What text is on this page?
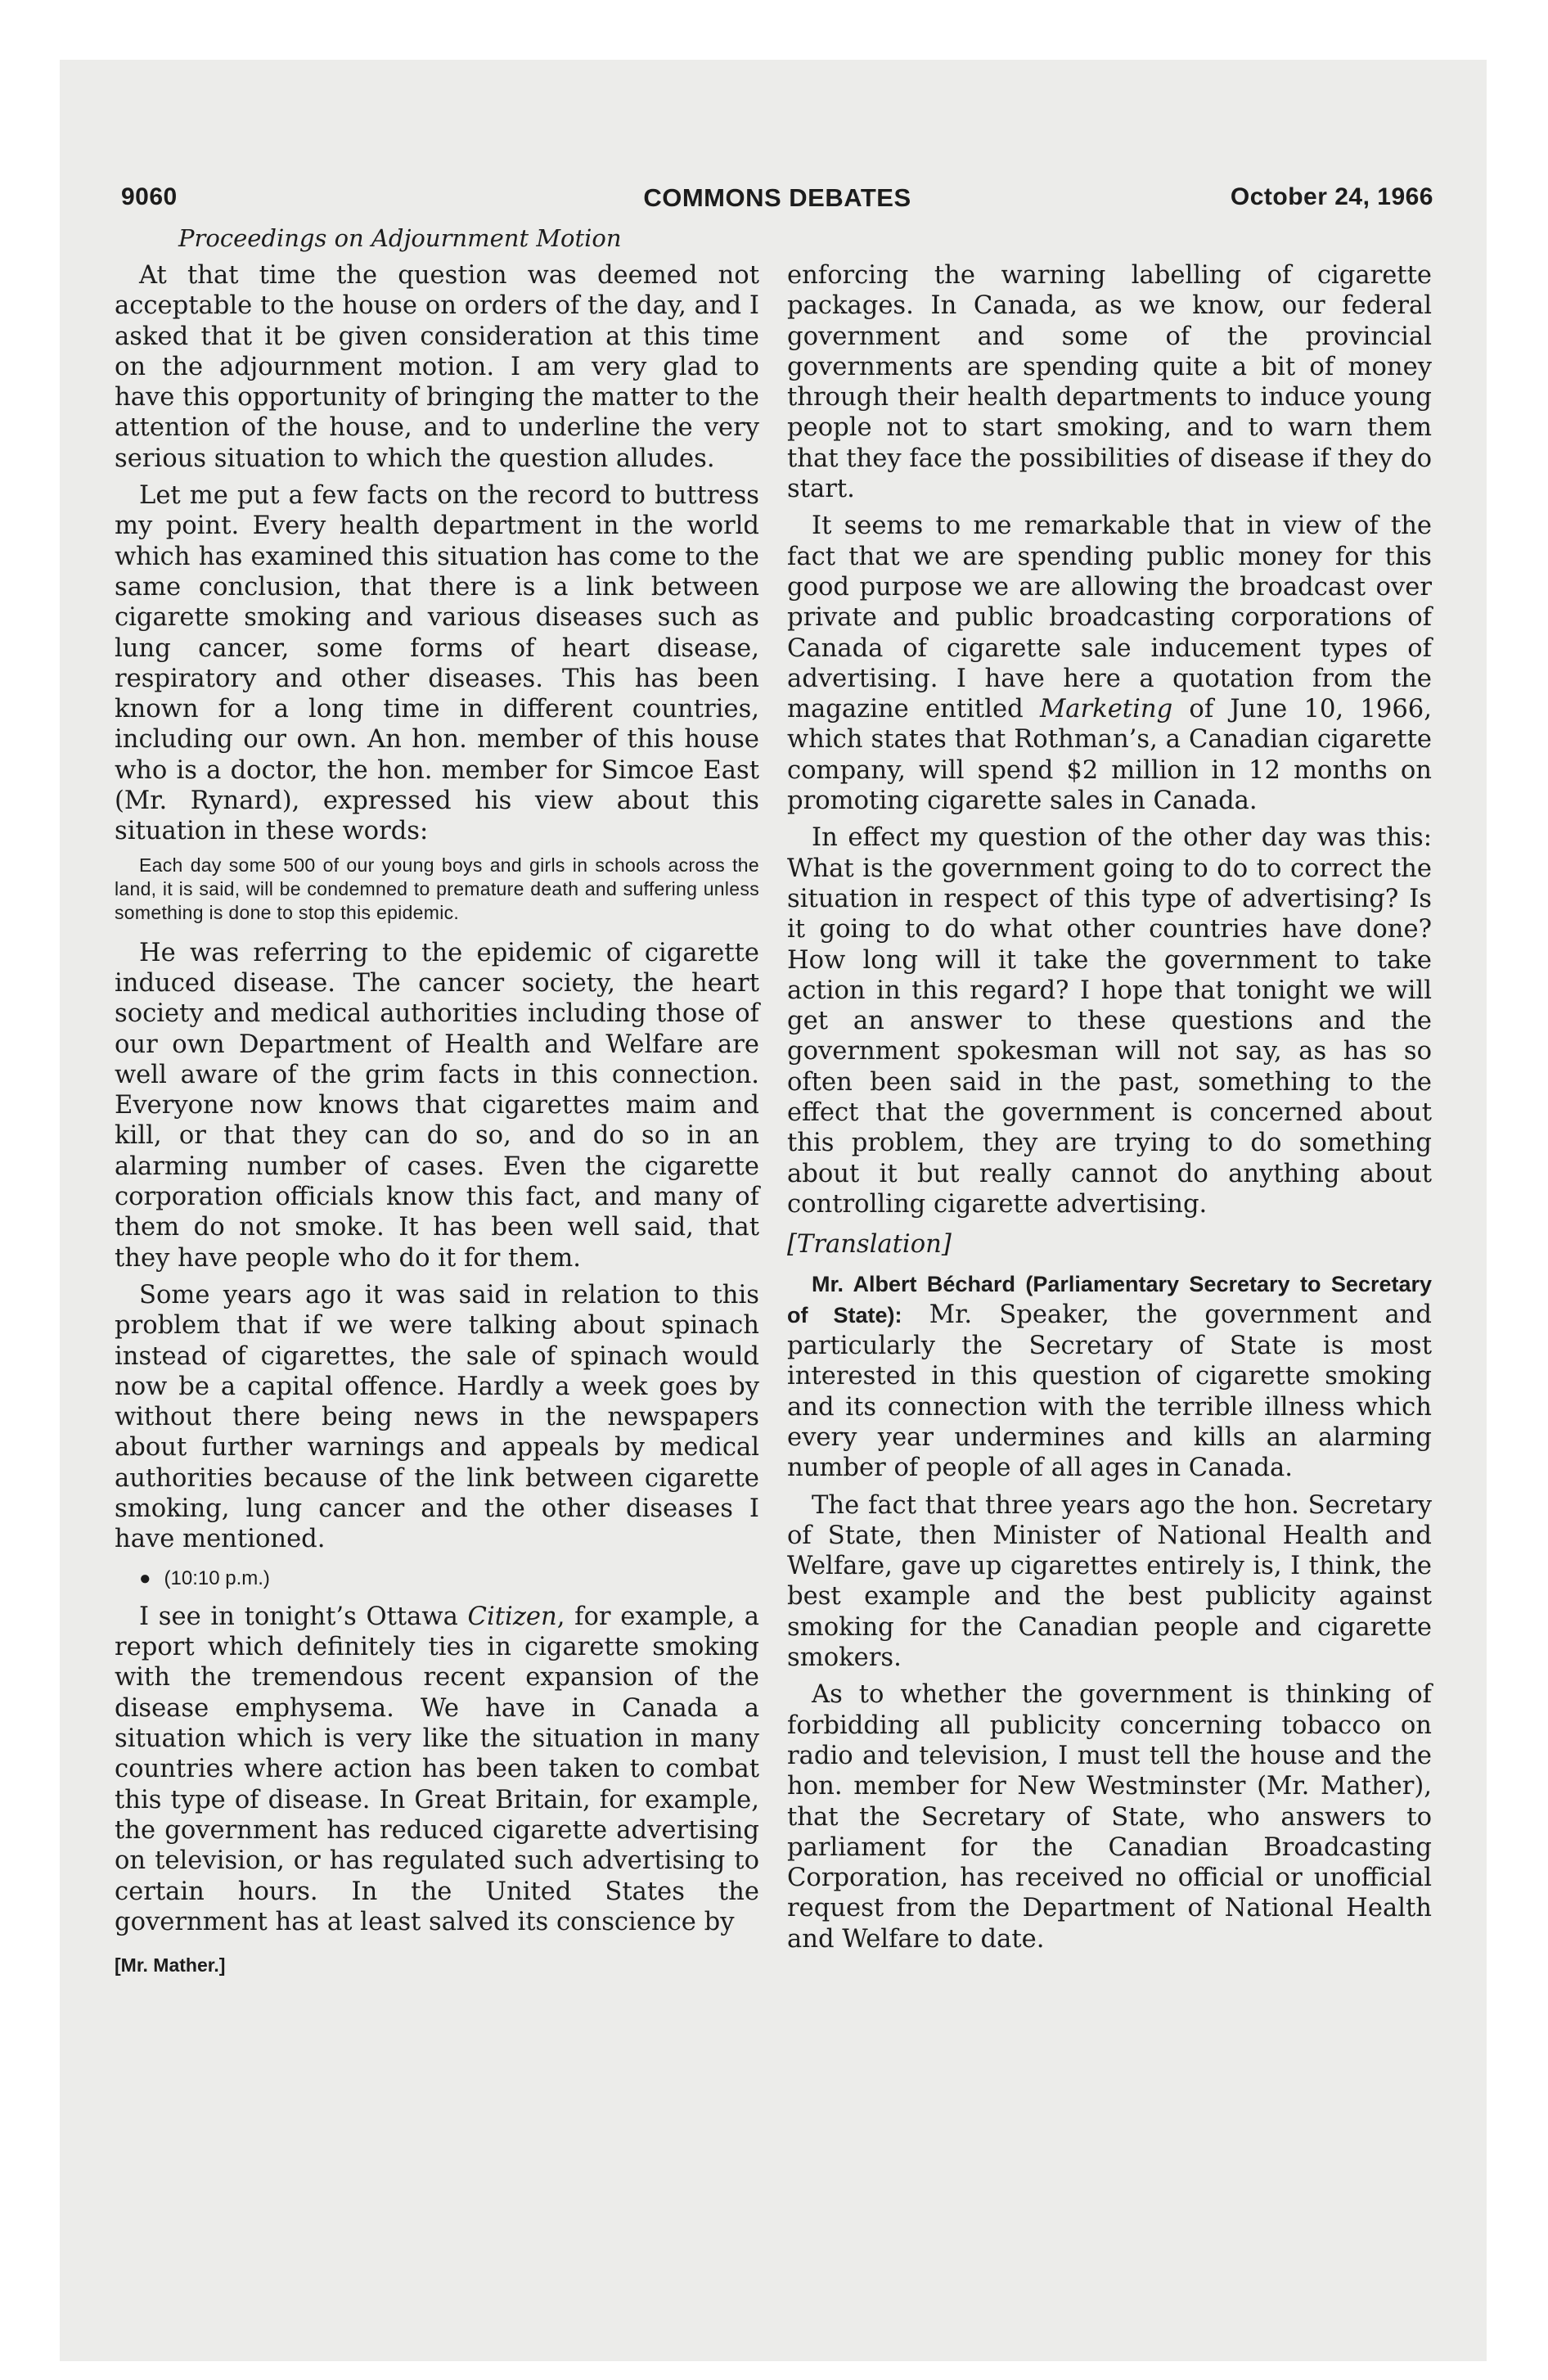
9060	COMMONS DEBATES	October 24, 1966
Proceedings on Adjournment Motion

At that time the question was deemed not acceptable to the house on orders of the day, and I asked that it be given consideration at this time on the adjournment motion. I am very glad to have this opportunity of bringing the matter to the attention of the house, and to underline the very serious situation to which the question alludes.

Let me put a few facts on the record to buttress my point. Every health department in the world which has examined this situation has come to the same conclusion, that there is a link between cigarette smoking and various diseases such as lung cancer, some forms of heart disease, respiratory and other diseases. This has been known for a long time in different countries, including our own. An hon. member of this house who is a doctor, the hon. member for Simcoe East (Mr. Rynard), expressed his view about this situation in these words:

Each day some 500 of our young boys and girls in schools across the land, it is said, will be condemned to premature death and suffering unless something is done to stop this epidemic.

He was referring to the epidemic of cigarette induced disease. The cancer society, the heart society and medical authorities including those of our own Department of Health and Welfare are well aware of the grim facts in this connection. Everyone now knows that cigarettes maim and kill, or that they can do so, and do so in an alarming number of cases. Even the cigarette corporation officials know this fact, and many of them do not smoke. It has been well said, that they have people who do it for them.

Some years ago it was said in relation to this problem that if we were talking about spinach instead of cigarettes, the sale of spinach would now be a capital offence. Hardly a week goes by without there being news in the newspapers about further warnings and appeals by medical authorities because of the link between cigarette smoking, lung cancer and the other diseases I have mentioned.

● (10:10 p.m.)

I see in tonight’s Ottawa Citizen, for example, a report which definitely ties in cigarette smoking with the tremendous recent expansion of the disease emphysema. We have in Canada a situation which is very like the situation in many countries where action has been taken to combat this type of disease. In Great Britain, for example, the government has reduced cigarette advertising on television, or has regulated such advertising to certain hours. In the United States the government has at least salved its conscience by

[Mr. Mather.]

enforcing the warning labelling of cigarette packages. In Canada, as we know, our federal government and some of the provincial governments are spending quite a bit of money through their health departments to induce young people not to start smoking, and to warn them that they face the possibilities of disease if they do start.

It seems to me remarkable that in view of the fact that we are spending public money for this good purpose we are allowing the broadcast over private and public broadcasting corporations of Canada of cigarette sale inducement types of advertising. I have here a quotation from the magazine entitled Marketing of June 10, 1966, which states that Rothman’s, a Canadian cigarette company, will spend $2 million in 12 months on promoting cigarette sales in Canada.

In effect my question of the other day was this: What is the government going to do to correct the situation in respect of this type of advertising? Is it going to do what other countries have done? How long will it take the government to take action in this regard? I hope that tonight we will get an answer to these questions and the government spokesman will not say, as has so often been said in the past, something to the effect that the government is concerned about this problem, they are trying to do something about it but really cannot do anything about controlling cigarette advertising.

[Translation]

Mr. Albert Béchard (Parliamentary Secretary to Secretary of State): Mr. Speaker, the government and particularly the Secretary of State is most interested in this question of cigarette smoking and its connection with the terrible illness which every year undermines and kills an alarming number of people of all ages in Canada.

The fact that three years ago the hon. Secretary of State, then Minister of National Health and Welfare, gave up cigarettes entirely is, I think, the best example and the best publicity against smoking for the Canadian people and cigarette smokers.

As to whether the government is thinking of forbidding all publicity concerning tobacco on radio and television, I must tell the house and the hon. member for New Westminster (Mr. Mather), that the Secretary of State, who answers to parliament for the Canadian Broadcasting Corporation, has received no official or unofficial request from the Department of National Health and Welfare to date.
